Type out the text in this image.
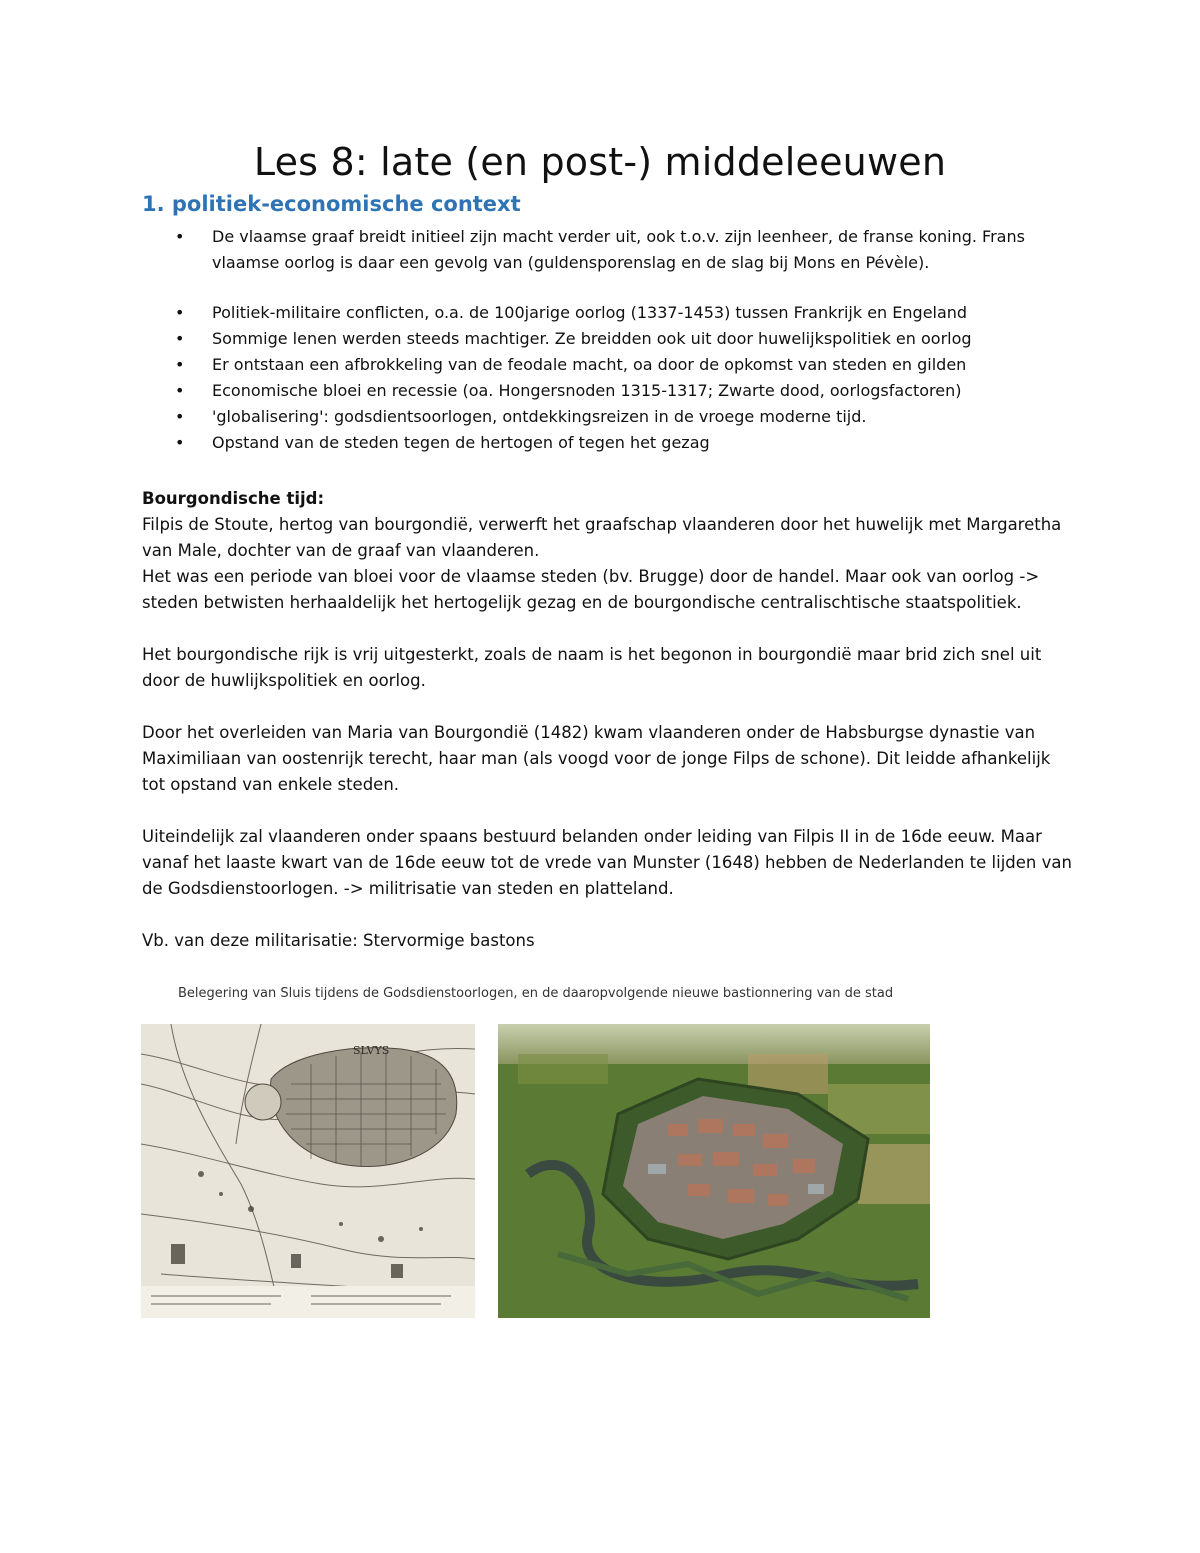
Les 8: late (en post-) middeleeuwen
1. politiek-economische context
• De vlaamse graaf breidt initieel zijn macht verder uit, ook t.o.v. zijn leenheer, de franse koning. Frans vlaamse oorlog is daar een gevolg van (guldensporenslag en de slag bij Mons en Pévèle).
• Politiek-militaire conflicten, o.a. de 100jarige oorlog (1337-1453) tussen Frankrijk en Engeland
• Sommige lenen werden steeds machtiger. Ze breidden ook uit door huwelijkspolitiek en oorlog
• Er ontstaan een afbrokkeling van de feodale macht, oa door de opkomst van steden en gilden
• Economische bloei en recessie (oa. Hongersnoden 1315-1317; Zwarte dood, oorlogsfactoren)
• 'globalisering': godsdientsoorlogen, ontdekkingsreizen in de vroege moderne tijd.
• Opstand van de steden tegen de hertogen of tegen het gezag
Bourgondische tijd:

Filpis de Stoute, hertog van bourgondië, verwerft het graafschap vlaanderen door het huwelijk met Margaretha van Male, dochter van de graaf van vlaanderen.
Het was een periode van bloei voor de vlaamse steden (bv. Brugge) door de handel. Maar ook van oorlog -> steden betwisten herhaaldelijk het hertogelijk gezag en de bourgondische centralischtische staatspolitiek.

Het bourgondische rijk is vrij uitgesterkt, zoals de naam is het begonon in bourgondië maar brid zich snel uit door de huwlijkspolitiek en oorlog.

Door het overleiden van Maria van Bourgondië (1482) kwam vlaanderen onder de Habsburgse dynastie van Maximiliaan van oostenrijk terecht, haar man (als voogd voor de jonge Filps de schone). Dit leidde afhankelijk tot opstand van enkele steden.

Uiteindelijk zal vlaanderen onder spaans bestuurd belanden onder leiding van Filpis II in de 16de eeuw. Maar vanaf het laaste kwart van de 16de eeuw tot de vrede van Munster (1648) hebben de Nederlanden te lijden van de Godsdienstoorlogen. -> militrisatie van steden en platteland.

Vb. van deze militarisatie: Stervormige bastons
Belegering van Sluis tijdens de Godsdienstoorlogen, en de daaropvolgende nieuwe bastionnering van de stad
SLVYS
